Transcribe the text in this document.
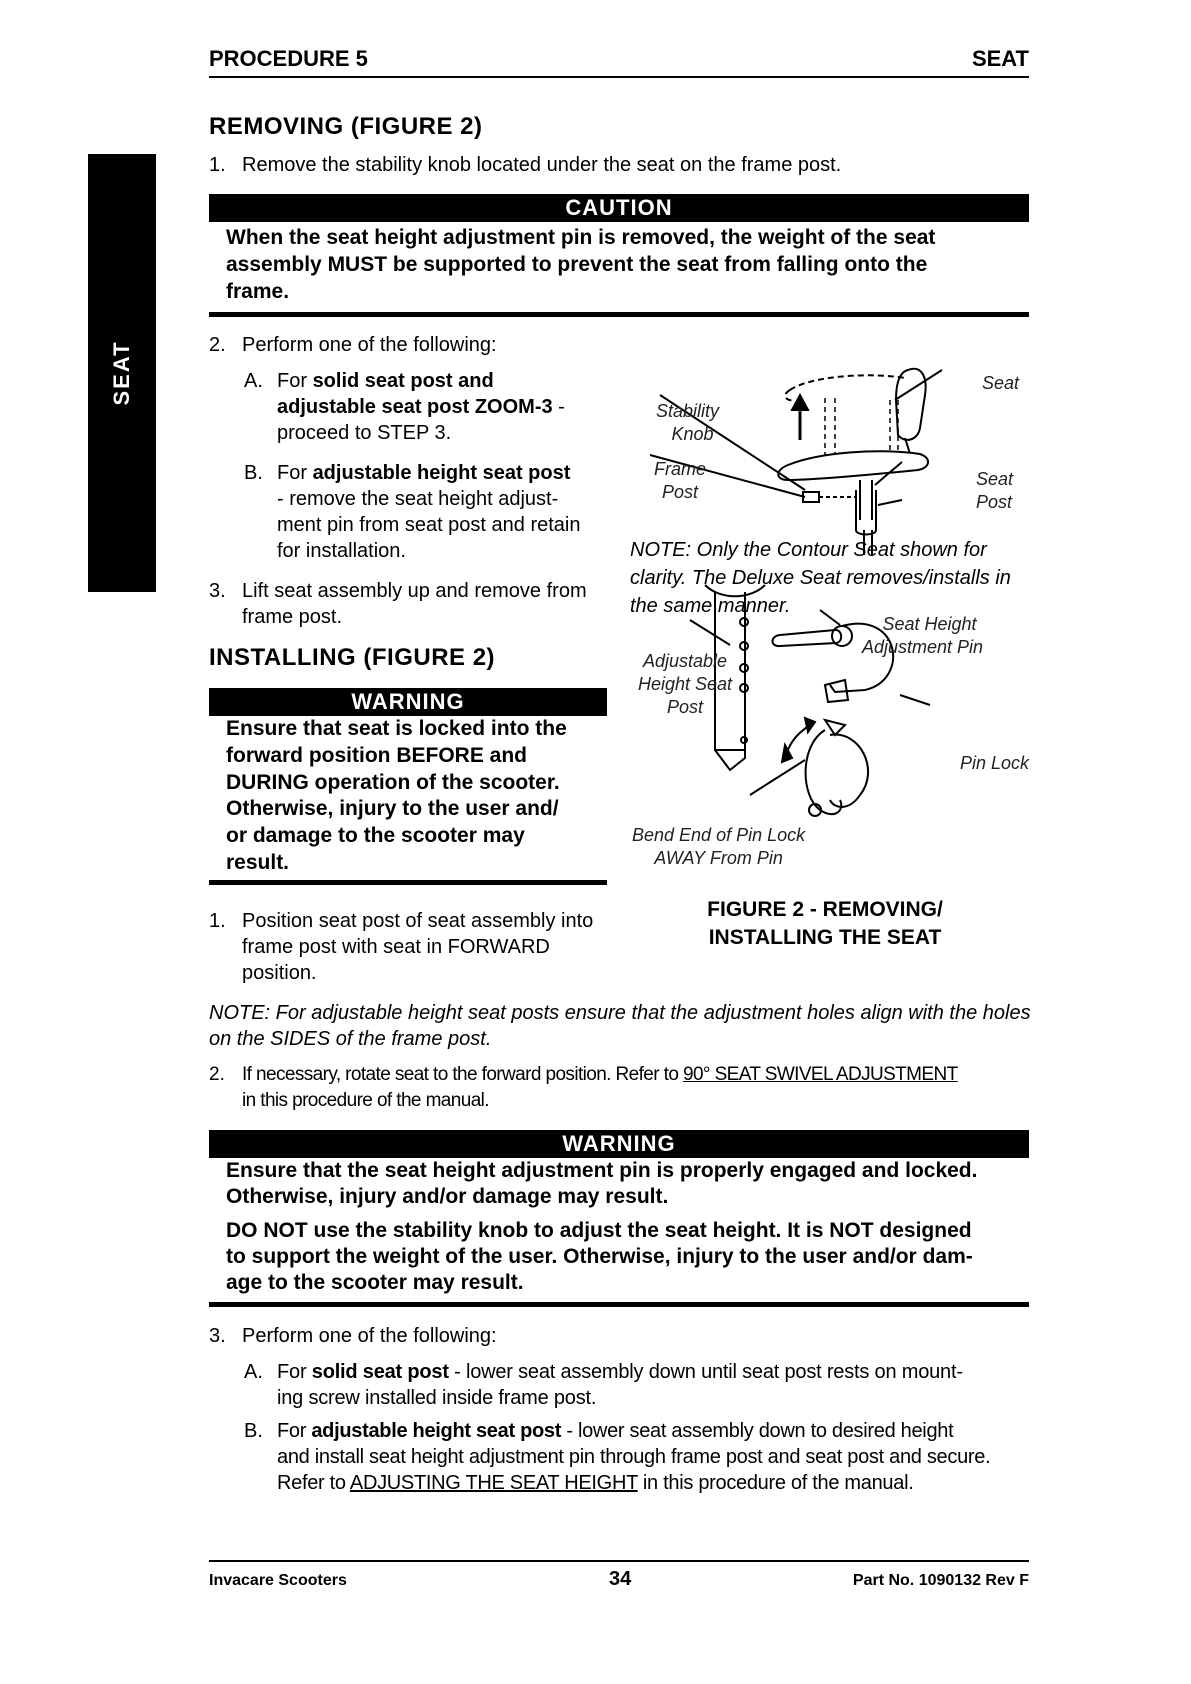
PROCEDURE 5	SEAT
SEAT
REMOVING (FIGURE 2)
1. Remove the stability knob located under the seat on the frame post.
CAUTION
When the seat height adjustment pin is removed, the weight of the seat
assembly MUST be supported to prevent the seat from falling onto the
frame.
2. Perform one of the following:
A. For solid seat post and
adjustable seat post ZOOM-3 -
proceed to STEP 3.
B. For adjustable height seat post
- remove the seat height adjust-
ment pin from seat post and retain
for installation.
3. Lift seat assembly up and remove from
frame post.
INSTALLING (FIGURE 2)
WARNING
Ensure that seat is locked into the
forward position BEFORE and
DURING operation of the scooter.
Otherwise, injury to the user and/
or damage to the scooter may
result.
1. Position seat post of seat assembly into
frame post with seat in FORWARD
position.
Seat
Stability
Knob
Frame
Post
Seat
Post
NOTE: Only the Contour Seat shown for
clarity. The Deluxe Seat removes/installs in
the same manner.
Seat Height
Adjustment Pin
Adjustable
Height Seat
Post
Pin Lock
Bend End of Pin Lock
AWAY From Pin
FIGURE 2 - REMOVING/
INSTALLING THE SEAT
NOTE: For adjustable height seat posts ensure that the adjustment holes align with the holes
on the SIDES of the frame post.
2. If necessary, rotate seat to the forward position. Refer to 90° SEAT SWIVEL ADJUSTMENT
in this procedure of the manual.
WARNING
Ensure that the seat height adjustment pin is properly engaged and locked.
Otherwise, injury and/or damage may result.
DO NOT use the stability knob to adjust the seat height. It is NOT designed
to support the weight of the user. Otherwise, injury to the user and/or dam-
age to the scooter may result.
3. Perform one of the following:
A. For solid seat post - lower seat assembly down until seat post rests on mount-
ing screw installed inside frame post.
B. For adjustable height seat post - lower seat assembly down to desired height
and install seat height adjustment pin through frame post and seat post and secure.
Refer to ADJUSTING THE SEAT HEIGHT in this procedure of the manual.
Invacare Scooters	34	Part No. 1090132 Rev F
